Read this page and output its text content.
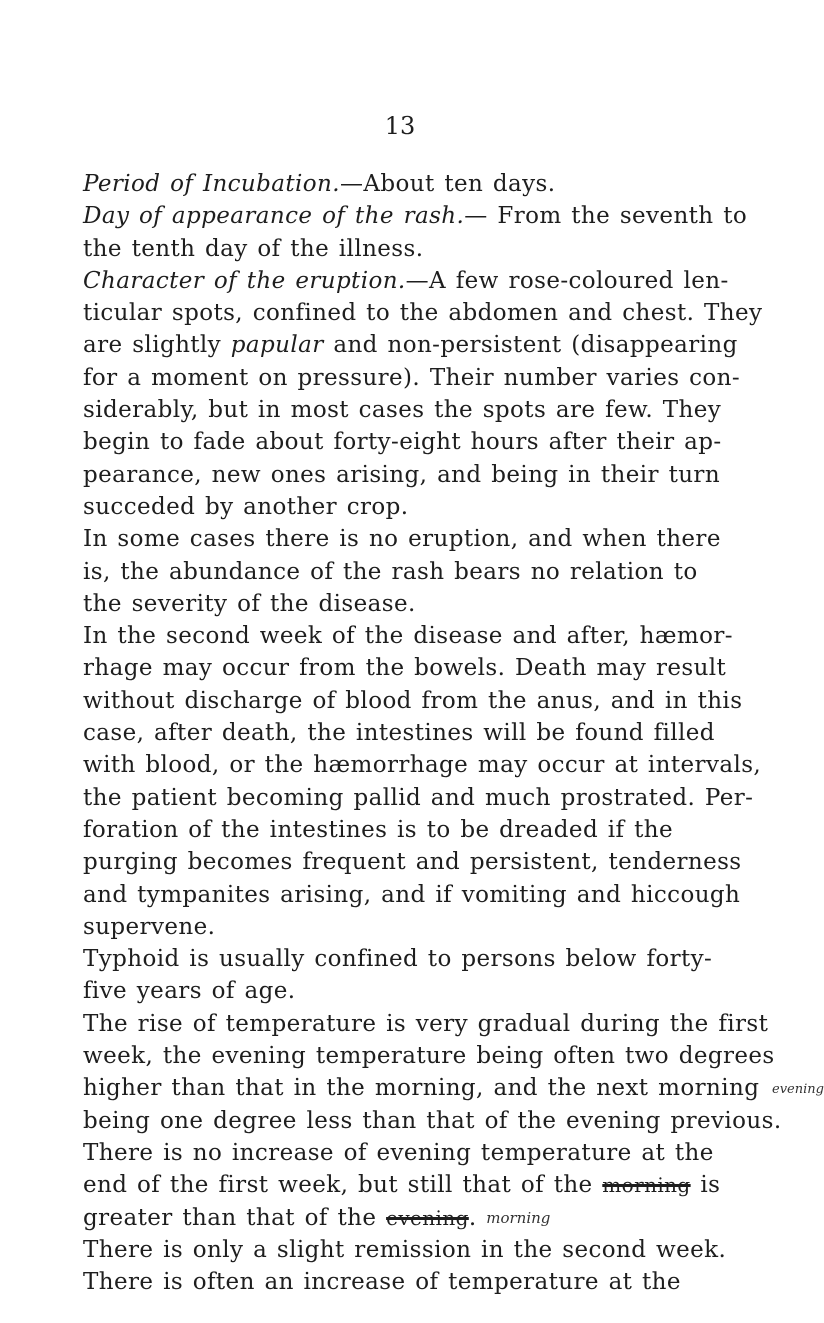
13
Period of Incubation.—About ten days.
Day of appearance of the rash.— From the seventh to
the tenth day of the illness.
Character of the eruption.—A few rose-coloured len-
ticular spots, confined to the abdomen and chest. They
are slightly papular and non-persistent (disappearing
for a moment on pressure). Their number varies con-
siderably, but in most cases the spots are few. They
begin to fade about forty-eight hours after their ap-
pearance, new ones arising, and being in their turn
succeded by another crop.
In some cases there is no eruption, and when there
is, the abundance of the rash bears no relation to
the severity of the disease.
In the second week of the disease and after, hæmor-
rhage may occur from the bowels. Death may result
without discharge of blood from the anus, and in this
case, after death, the intestines will be found filled
with blood, or the hæmorrhage may occur at intervals,
the patient becoming pallid and much prostrated. Per-
foration of the intestines is to be dreaded if the
purging becomes frequent and persistent, tenderness
and tympanites arising, and if vomiting and hiccough
supervene.
Typhoid is usually confined to persons below forty-
five years of age.
The rise of temperature is very gradual during the first
week, the evening temperature being often two degrees
higher than that in the morning, and the next morning
being one degree less than that of the evening previous.
There is no increase of evening temperature at the
end of the first week, but still that of the morning is
greater than that of the evening. morning
There is only a slight remission in the second week.
There is often an increase of temperature at the
evening
